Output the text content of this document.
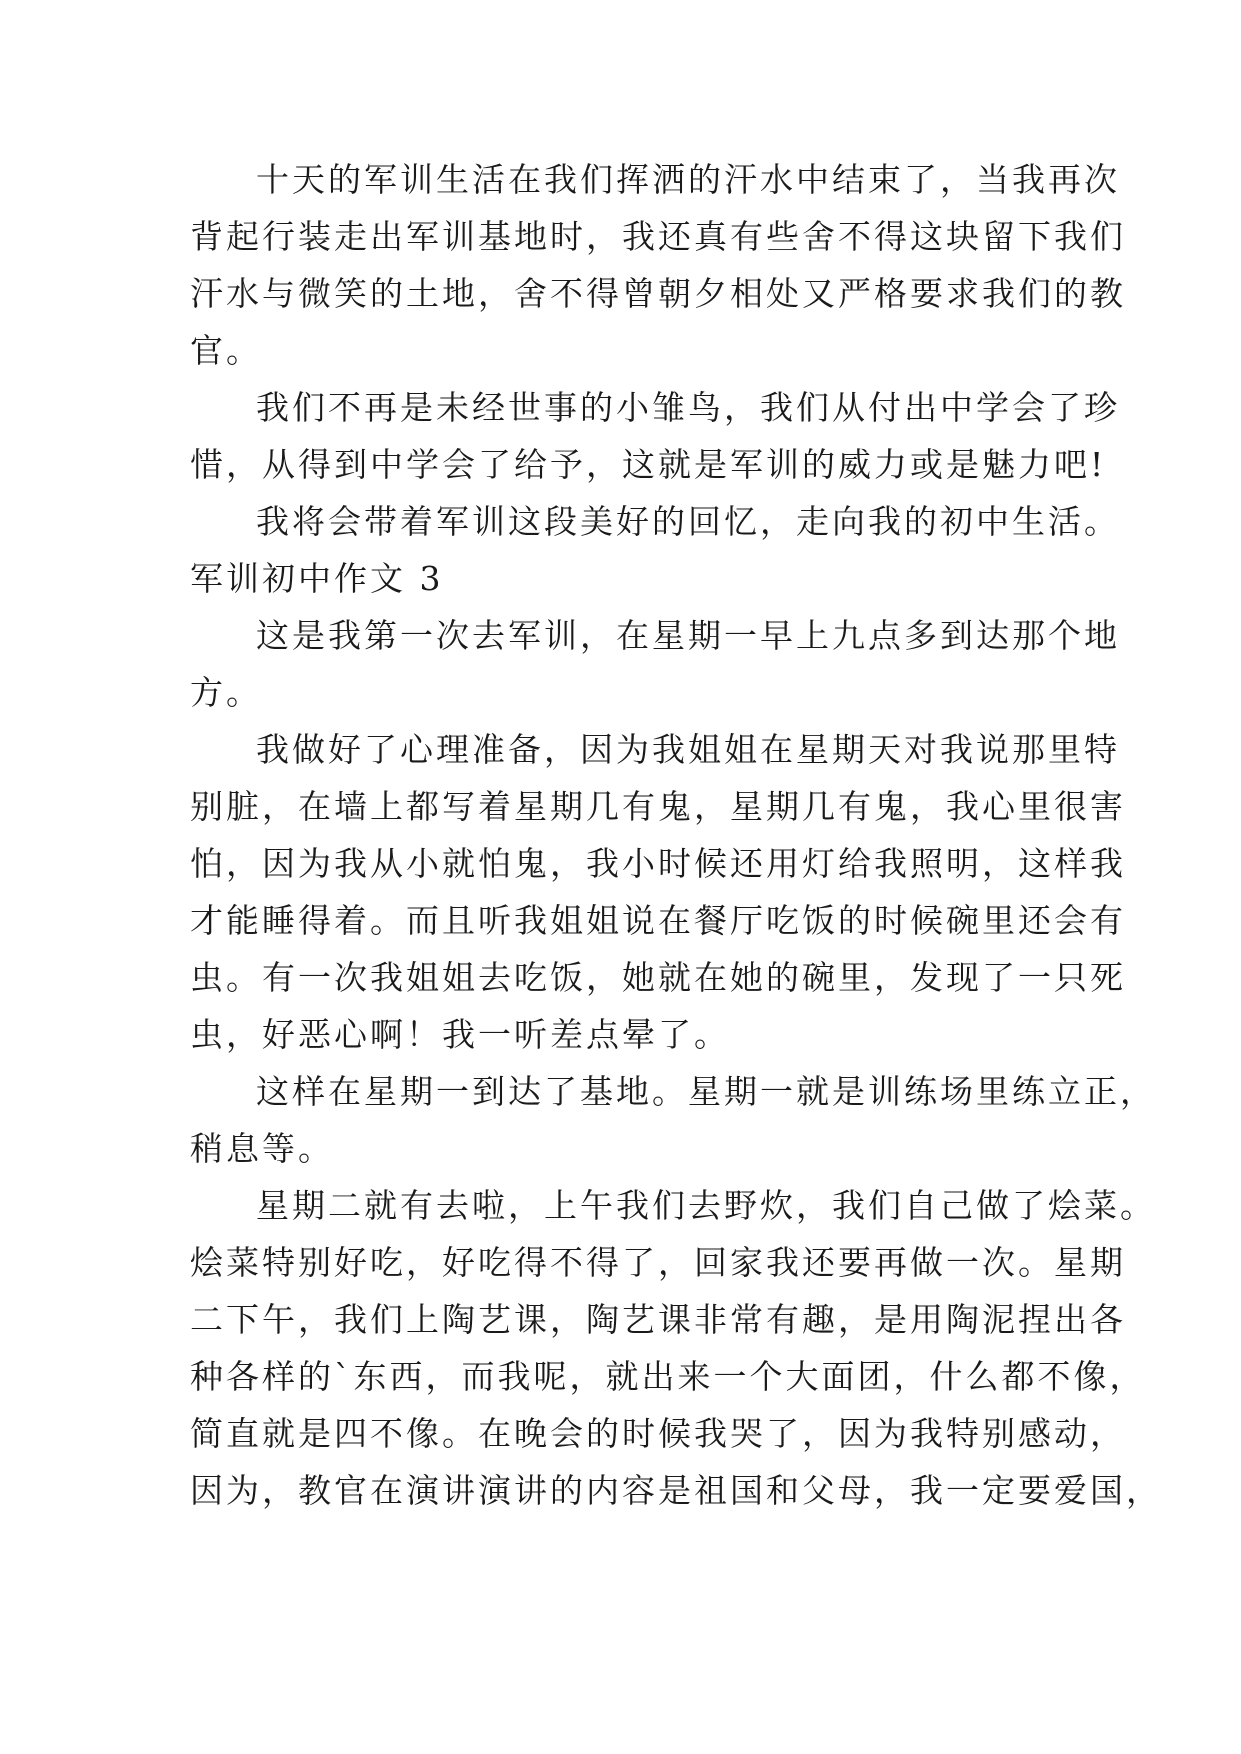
十天的军训生活在我们挥洒的汗水中结束了，当我再次
背起行装走出军训基地时，我还真有些舍不得这块留下我们
汗水与微笑的土地，舍不得曾朝夕相处又严格要求我们的教
官。
我们不再是未经世事的小雏鸟，我们从付出中学会了珍
惜，从得到中学会了给予，这就是军训的威力或是魅力吧!
我将会带着军训这段美好的回忆，走向我的初中生活。
军训初中作文 3
这是我第一次去军训，在星期一早上九点多到达那个地
方。
我做好了心理准备，因为我姐姐在星期天对我说那里特
别脏，在墙上都写着星期几有鬼，星期几有鬼，我心里很害
怕，因为我从小就怕鬼，我小时候还用灯给我照明，这样我
才能睡得着。而且听我姐姐说在餐厅吃饭的时候碗里还会有
虫。有一次我姐姐去吃饭，她就在她的碗里，发现了一只死
虫，好恶心啊！我一听差点晕了。
这样在星期一到达了基地。星期一就是训练场里练立正，
稍息等。
星期二就有去啦，上午我们去野炊，我们自己做了烩菜。
烩菜特别好吃，好吃得不得了，回家我还要再做一次。星期
二下午，我们上陶艺课，陶艺课非常有趣，是用陶泥捏出各
种各样的`东西，而我呢，就出来一个大面团，什么都不像，
简直就是四不像。在晚会的时候我哭了，因为我特别感动，
因为，教官在演讲演讲的内容是祖国和父母，我一定要爱国，
